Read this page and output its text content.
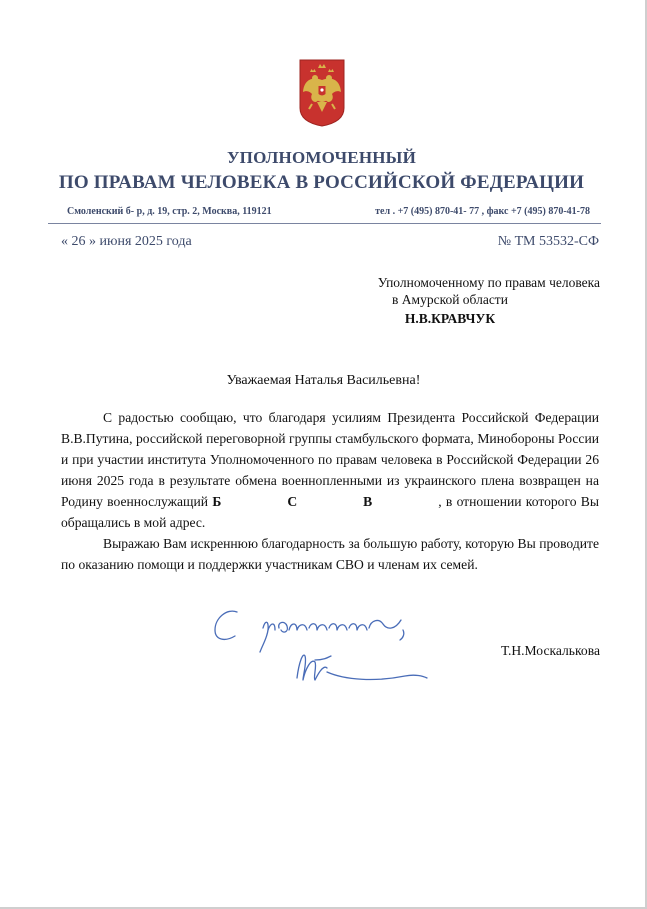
УПОЛНОМОЧЕННЫЙ
ПО ПРАВАМ ЧЕЛОВЕКА В РОССИЙСКОЙ ФЕДЕРАЦИИ
Смоленский б- р, д. 19, стр. 2, Москва, 119121	тел . +7 (495) 870-41- 77 , факс +7 (495) 870-41-78
« 26 » июня 2025 года	№ ТМ 53532-СФ
Уполномоченному по правам человека
в Амурской области
Н.В.КРАВЧУК
Уважаемая Наталья Васильевна!

С радостью сообщаю, что благодаря усилиям Президента Российской Федерации В.В.Путина, российской переговорной группы стамбульского формата, Минобороны России и при участии института Уполномоченного по правам человека в Российской Федерации 26 июня 2025 года в результате обмена военнопленными из украинского плена возвращен на Родину военнослужащий Б	С	В	, в отношении которого Вы обращались в мой адрес.

Выражаю Вам искреннюю благодарность за большую работу, которую Вы проводите по оказанию помощи и поддержки участникам СВО и членам их семей.

Т.Н.Москалькова
